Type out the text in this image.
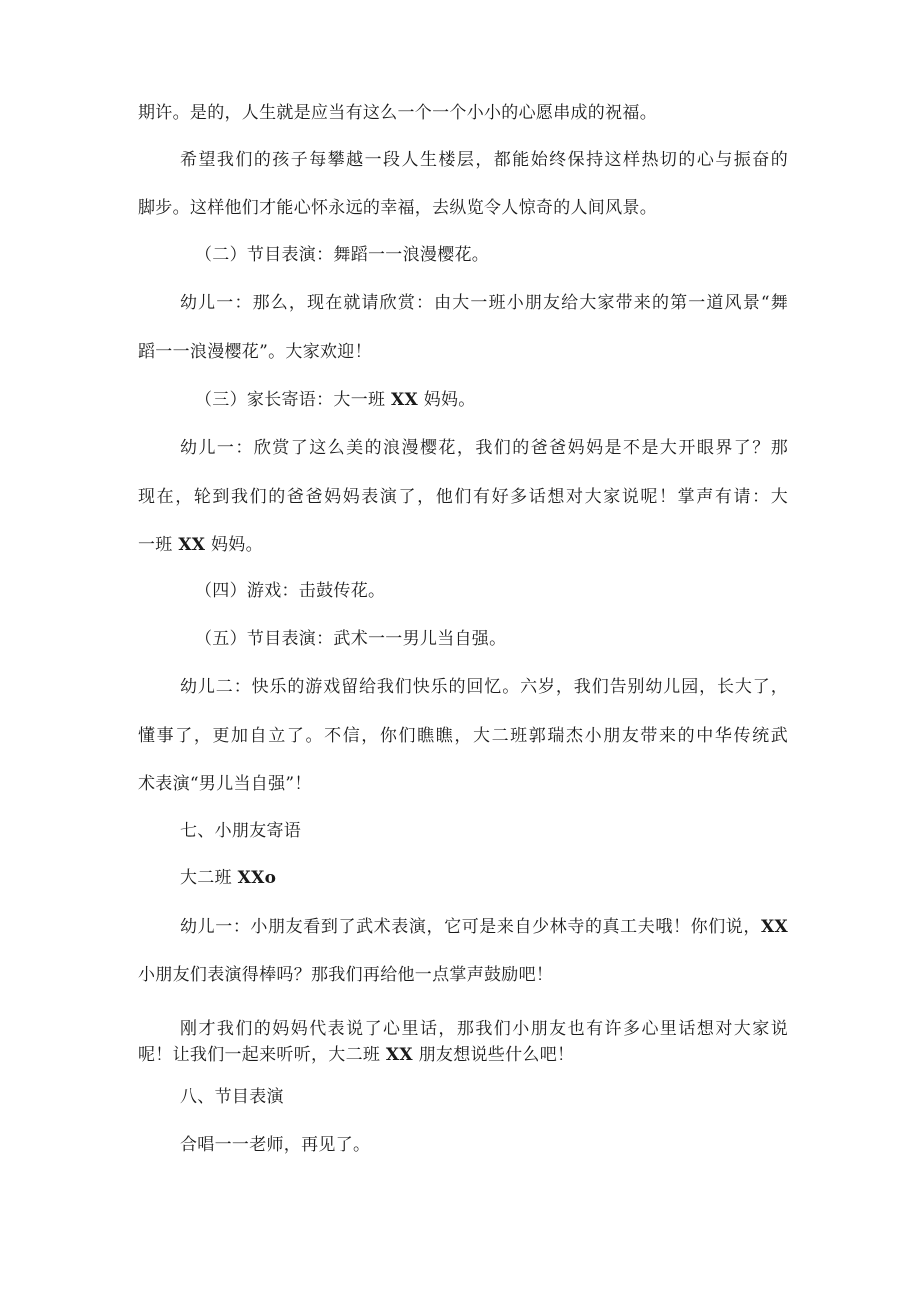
期许。是的，人生就是应当有这么一个一个小小的心愿串成的祝福。
希望我们的孩子每攀越一段人生楼层，都能始终保持这样热切的心与振奋的
脚步。这样他们才能心怀永远的幸福，去纵览令人惊奇的人间风景。
（二）节目表演：舞蹈一一浪漫樱花。
幼儿一：那么，现在就请欣赏：由大一班小朋友给大家带来的第一道风景“舞
蹈一一浪漫樱花”。大家欢迎！
（三）家长寄语：大一班 XX 妈妈。
幼儿一：欣赏了这么美的浪漫樱花，我们的爸爸妈妈是不是大开眼界了？那
现在，轮到我们的爸爸妈妈表演了，他们有好多话想对大家说呢！掌声有请：大
一班 XX 妈妈。
（四）游戏：击鼓传花。
（五）节目表演：武术一一男儿当自强。
幼儿二：快乐的游戏留给我们快乐的回忆。六岁，我们告别幼儿园，长大了，
懂事了，更加自立了。不信，你们瞧瞧，大二班郭瑞杰小朋友带来的中华传统武
术表演“男儿当自强”！
七、小朋友寄语
大二班 XXo
幼儿一：小朋友看到了武术表演，它可是来自少林寺的真工夫哦！你们说，XX
小朋友们表演得棒吗？那我们再给他一点掌声鼓励吧！
刚才我们的妈妈代表说了心里话，那我们小朋友也有许多心里话想对大家说
呢！让我们一起来听听，大二班 XX 朋友想说些什么吧！
八、节目表演
合唱一一老师，再见了。
